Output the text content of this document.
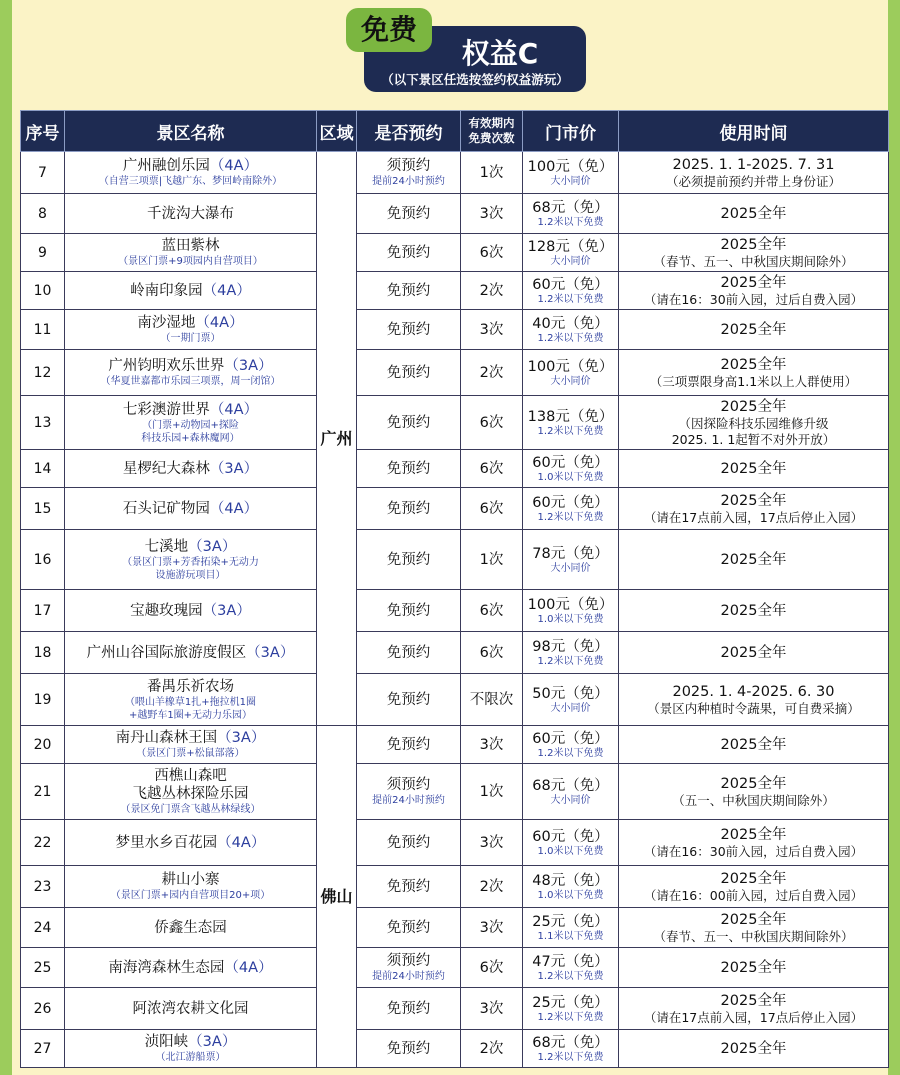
免费
权益C
（以下景区任选按签约权益游玩）
序号	景区名称	区域	是否预约	有效期内
免费次数	门市价	使用时间
7	广州融创乐园（4A）
（自营三项票|飞越广东、梦回岭南除外）	广州	须预约
提前24小时预约	1次	100元（免）
大小同价	2025. 1. 1-2025. 7. 31
（必须提前预约并带上身份证）

8	千泷沟大瀑布		免预约	3次	68元（免）
1.2米以下免费	2025全年

9	蓝田紫林
（景区门票+9项园内自营项目）		免预约	6次	128元（免）
大小同价	2025全年
（春节、五一、中秋国庆期间除外）

10	岭南印象园（4A）		免预约	2次	60元（免）
1.2米以下免费	2025全年
（请在16：30前入园，过后自费入园）

11	南沙湿地（4A）
（一期门票）		免预约	3次	40元（免）
1.2米以下免费	2025全年

12	广州钧明欢乐世界（3A）
（华夏世嘉都市乐园三项票，周一闭馆）		免预约	2次	100元（免）
大小同价	2025全年
（三项票限身高1.1米以上人群使用）

13	七彩澳游世界（4A）
（门票+动物园+探险
科技乐园+森林魔网）		免预约	6次	138元（免）
1.2米以下免费	2025全年
（因探险科技乐园维修升级
2025. 1. 1起暂不对外开放）

14	星椤纪大森林（3A）		免预约	6次	60元（免）
1.0米以下免费	2025全年

15	石头记矿物园（4A）		免预约	6次	60元（免）
1.2米以下免费	2025全年
（请在17点前入园，17点后停止入园）

16	七溪地（3A）
（景区门票+芳香拓染+无动力
设施游玩项目）		免预约	1次	78元（免）
大小同价	2025全年

17	宝趣玫瑰园（3A）		免预约	6次	100元（免）
1.0米以下免费	2025全年

18	广州山谷国际旅游度假区（3A）		免预约	6次	98元（免）
1.2米以下免费	2025全年

19	番禺乐祈农场
（喂山羊橡草1扎+拖拉机1圈
+越野车1圈+无动力乐园）		免预约	不限次	50元（免）
大小同价	2025. 1. 4-2025. 6. 30
（景区内种植时令蔬果，可自费采摘）

20	南丹山森林王国（3A）
（景区门票+松鼠部落）	佛山	免预约	3次	60元（免）
1.2米以下免费	2025全年

21	西樵山森吧
飞越丛林探险乐园
（景区免门票含飞越丛林绿线）		须预约
提前24小时预约	1次	68元（免）
大小同价	2025全年
（五一、中秋国庆期间除外）

22	梦里水乡百花园（4A）		免预约	3次	60元（免）
1.0米以下免费	2025全年
（请在16：30前入园，过后自费入园）

23	耕山小寨
（景区门票+园内自营项目20+项）		免预约	2次	48元（免）
1.0米以下免费	2025全年
（请在16：00前入园，过后自费入园）

24	侨鑫生态园		免预约	3次	25元（免）
1.1米以下免费	2025全年
（春节、五一、中秋国庆期间除外）

25	南海湾森林生态园（4A）		须预约
提前24小时预约	6次	47元（免）
1.2米以下免费	2025全年

26	阿浓湾农耕文化园		免预约	3次	25元（免）
1.2米以下免费	2025全年
（请在17点前入园，17点后停止入园）

27	浈阳峡（3A）
（北江游船票）		免预约	2次	68元（免）
1.2米以下免费	2025全年
